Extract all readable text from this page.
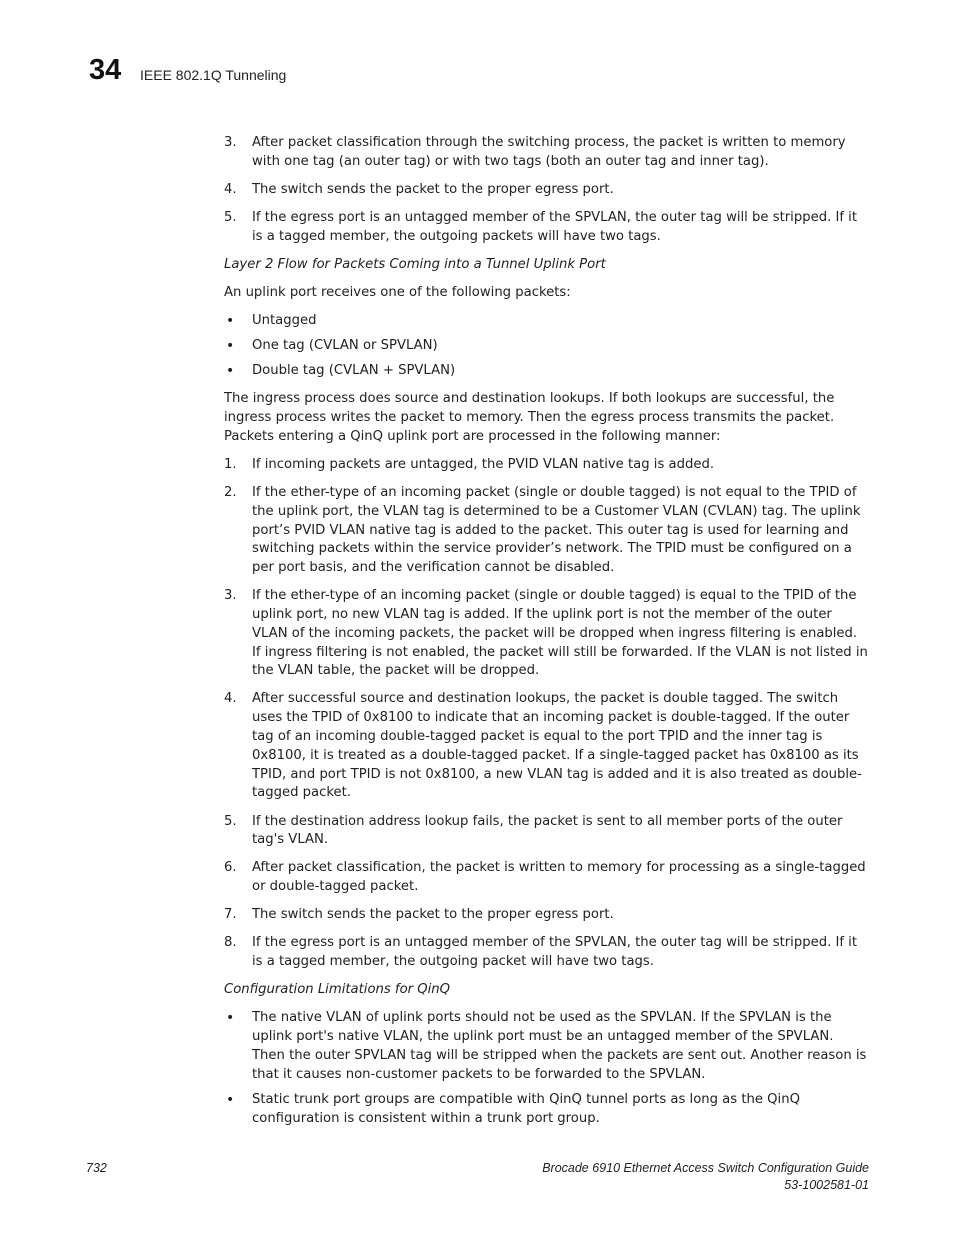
34 IEEE 802.1Q Tunneling
3. After packet classification through the switching process, the packet is written to memory with one tag (an outer tag) or with two tags (both an outer tag and inner tag).
4. The switch sends the packet to the proper egress port.
5. If the egress port is an untagged member of the SPVLAN, the outer tag will be stripped. If it is a tagged member, the outgoing packets will have two tags.
Layer 2 Flow for Packets Coming into a Tunnel Uplink Port
An uplink port receives one of the following packets:
• Untagged
• One tag (CVLAN or SPVLAN)
• Double tag (CVLAN + SPVLAN)
The ingress process does source and destination lookups. If both lookups are successful, the ingress process writes the packet to memory. Then the egress process transmits the packet. Packets entering a QinQ uplink port are processed in the following manner:
1. If incoming packets are untagged, the PVID VLAN native tag is added.
2. If the ether-type of an incoming packet (single or double tagged) is not equal to the TPID of the uplink port, the VLAN tag is determined to be a Customer VLAN (CVLAN) tag. The uplink port’s PVID VLAN native tag is added to the packet. This outer tag is used for learning and switching packets within the service provider’s network. The TPID must be configured on a per port basis, and the verification cannot be disabled.
3. If the ether-type of an incoming packet (single or double tagged) is equal to the TPID of the uplink port, no new VLAN tag is added. If the uplink port is not the member of the outer VLAN of the incoming packets, the packet will be dropped when ingress filtering is enabled. If ingress filtering is not enabled, the packet will still be forwarded. If the VLAN is not listed in the VLAN table, the packet will be dropped.
4. After successful source and destination lookups, the packet is double tagged. The switch uses the TPID of 0x8100 to indicate that an incoming packet is double-tagged. If the outer tag of an incoming double-tagged packet is equal to the port TPID and the inner tag is 0x8100, it is treated as a double-tagged packet. If a single-tagged packet has 0x8100 as its TPID, and port TPID is not 0x8100, a new VLAN tag is added and it is also treated as double-tagged packet.
5. If the destination address lookup fails, the packet is sent to all member ports of the outer tag's VLAN.
6. After packet classification, the packet is written to memory for processing as a single-tagged or double-tagged packet.
7. The switch sends the packet to the proper egress port.
8. If the egress port is an untagged member of the SPVLAN, the outer tag will be stripped. If it is a tagged member, the outgoing packet will have two tags.
Configuration Limitations for QinQ
• The native VLAN of uplink ports should not be used as the SPVLAN. If the SPVLAN is the uplink port's native VLAN, the uplink port must be an untagged member of the SPVLAN. Then the outer SPVLAN tag will be stripped when the packets are sent out. Another reason is that it causes non-customer packets to be forwarded to the SPVLAN.
• Static trunk port groups are compatible with QinQ tunnel ports as long as the QinQ configuration is consistent within a trunk port group.
732	Brocade 6910 Ethernet Access Switch Configuration Guide
53-1002581-01
